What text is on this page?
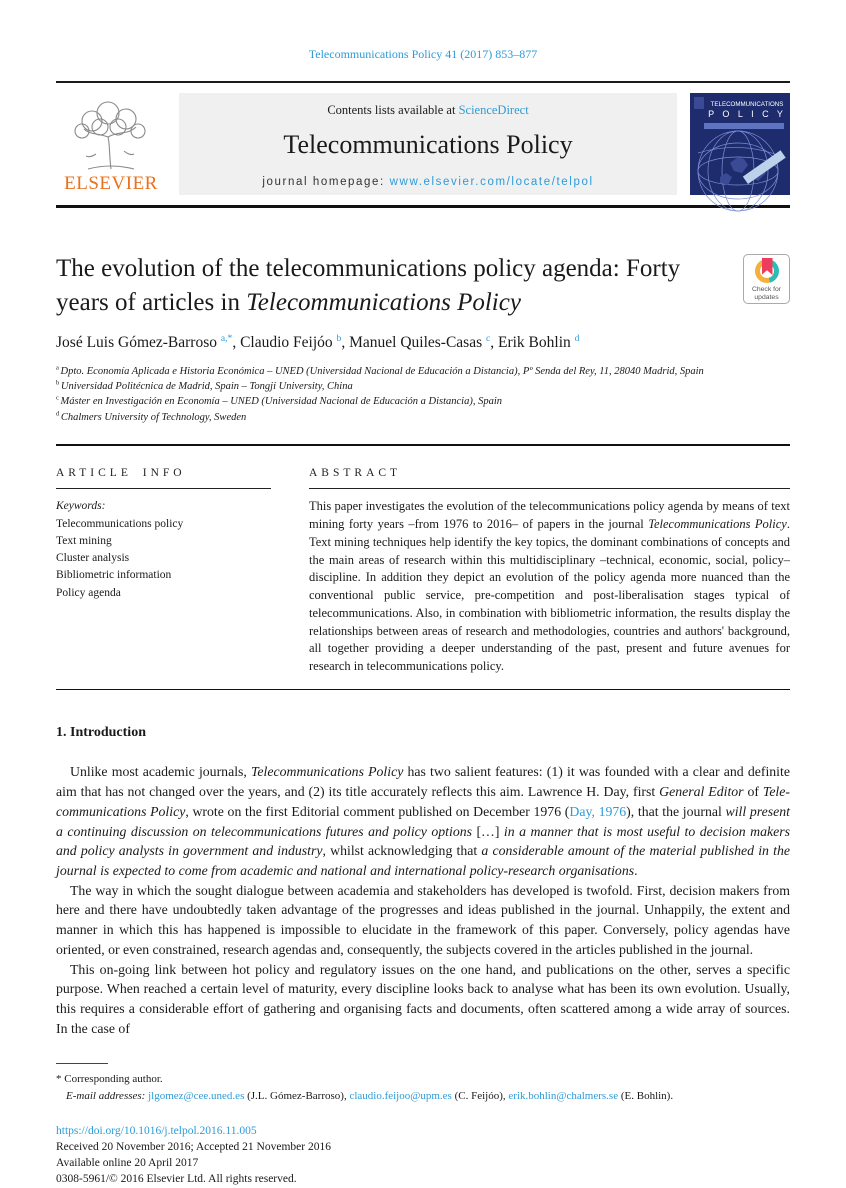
Telecommunications Policy 41 (2017) 853–877
ELSEVIER
Contents lists available at ScienceDirect
Telecommunications Policy
journal homepage: www.elsevier.com/locate/telpol
TELECOMMUNICATIONS
P O L I C Y
The evolution of the telecommunications policy agenda: Forty years of articles in Telecommunications Policy	Check for updates
José Luis Gómez-Barroso $^{a,*}$, Claudio Feijóo $^b$, Manuel Quiles-Casas $^c$, Erik Bohlin $^d$
$^a$ Dpto. Economía Aplicada e Historia Económica – UNED (Universidad Nacional de Educación a Distancia), Pº Senda del Rey, 11, 28040 Madrid, Spain
$^b$ Universidad Politécnica de Madrid, Spain – Tongji University, China
$^c$ Máster en Investigación en Economía – UNED (Universidad Nacional de Educación a Distancia), Spain
$^d$ Chalmers University of Technology, Sweden
ARTICLE INFO
Keywords:
Telecommunications policy
Text mining
Cluster analysis
Bibliometric information
Policy agenda
ABSTRACT
This paper investigates the evolution of the telecommunications policy agenda by means of text mining forty years –from 1976 to 2016– of papers in the journal Telecommunications Policy. Text mining techniques help identify the key topics, the dominant combinations of concepts and the main areas of research within this multidisciplinary –technical, economic, social, policy– discipline. In addition they depict an evolution of the policy agenda more nuanced than the conventional public service, pre-competition and post-liberalisation stages typical of telecommunications. Also, in combination with bibliometric information, the results display the relationships between areas of research and methodologies, countries and authors' background, all together providing a deeper understanding of the past, present and future avenues for research in telecommunications policy.
1. Introduction

Unlike most academic journals, Telecommunications Policy has two salient features: (1) it was founded with a clear and definite aim that has not changed over the years, and (2) its title accurately reflects this aim. Lawrence H. Day, first General Editor of Tele-communications Policy, wrote on the first Editorial comment published on December 1976 (Day, 1976), that the journal will present a continuing discussion on telecommunications futures and policy options […] in a manner that is most useful to decision makers and policy analysts in government and industry, whilst acknowledging that a considerable amount of the material published in the journal is expected to come from academic and national and international policy-research organisations.

The way in which the sought dialogue between academia and stakeholders has developed is twofold. First, decision makers from here and there have undoubtedly taken advantage of the progresses and ideas published in the journal. Unhappily, the extent and manner in which this has happened is impossible to elucidate in the framework of this paper. Conversely, policy agendas have oriented, or even constrained, research agendas and, consequently, the subjects covered in the articles published in the journal.

This on-going link between hot policy and regulatory issues on the one hand, and publications on the other, serves a specific purpose. When reached a certain level of maturity, every discipline looks back to analyse what has been its own evolution. Usually, this requires a considerable effort of gathering and organising facts and documents, often scattered among a wide array of sources. In the case of

* Corresponding author.
E-mail addresses: jlgomez@cee.uned.es (J.L. Gómez-Barroso), claudio.feijoo@upm.es (C. Feijóo), erik.bohlin@chalmers.se (E. Bohlin).
https://doi.org/10.1016/j.telpol.2016.11.005
Received 20 November 2016; Accepted 21 November 2016
Available online 20 April 2017
0308-5961/© 2016 Elsevier Ltd. All rights reserved.
